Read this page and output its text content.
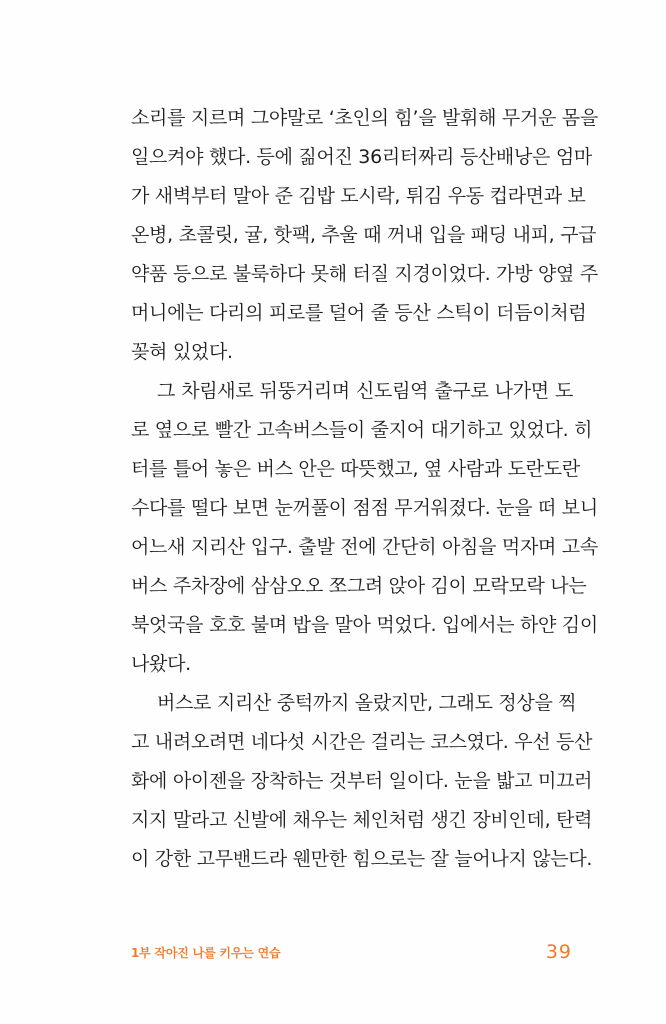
소리를 지르며 그야말로 ‘초인의 힘’을 발휘해 무거운 몸을
일으켜야 했다. 등에 짊어진 36리터짜리 등산배낭은 엄마
가 새벽부터 말아 준 김밥 도시락, 튀김 우동 컵라면과 보
온병, 초콜릿, 귤, 핫팩, 추울 때 꺼내 입을 패딩 내피, 구급
약품 등으로 불룩하다 못해 터질 지경이었다. 가방 양옆 주
머니에는 다리의 피로를 덜어 줄 등산 스틱이 더듬이처럼
꽂혀 있었다.
그 차림새로 뒤뚱거리며 신도림역 출구로 나가면 도
로 옆으로 빨간 고속버스들이 줄지어 대기하고 있었다. 히
터를 틀어 놓은 버스 안은 따뜻했고, 옆 사람과 도란도란
수다를 떨다 보면 눈꺼풀이 점점 무거워졌다. 눈을 떠 보니
어느새 지리산 입구. 출발 전에 간단히 아침을 먹자며 고속
버스 주차장에 삼삼오오 쪼그려 앉아 김이 모락모락 나는
북엇국을 호호 불며 밥을 말아 먹었다. 입에서는 하얀 김이
나왔다.
버스로 지리산 중턱까지 올랐지만, 그래도 정상을 찍
고 내려오려면 네다섯 시간은 걸리는 코스였다. 우선 등산
화에 아이젠을 장착하는 것부터 일이다. 눈을 밟고 미끄러
지지 말라고 신발에 채우는 체인처럼 생긴 장비인데, 탄력
이 강한 고무밴드라 웬만한 힘으로는 잘 늘어나지 않는다.
1부 작아진 나를 키우는 연습	39
